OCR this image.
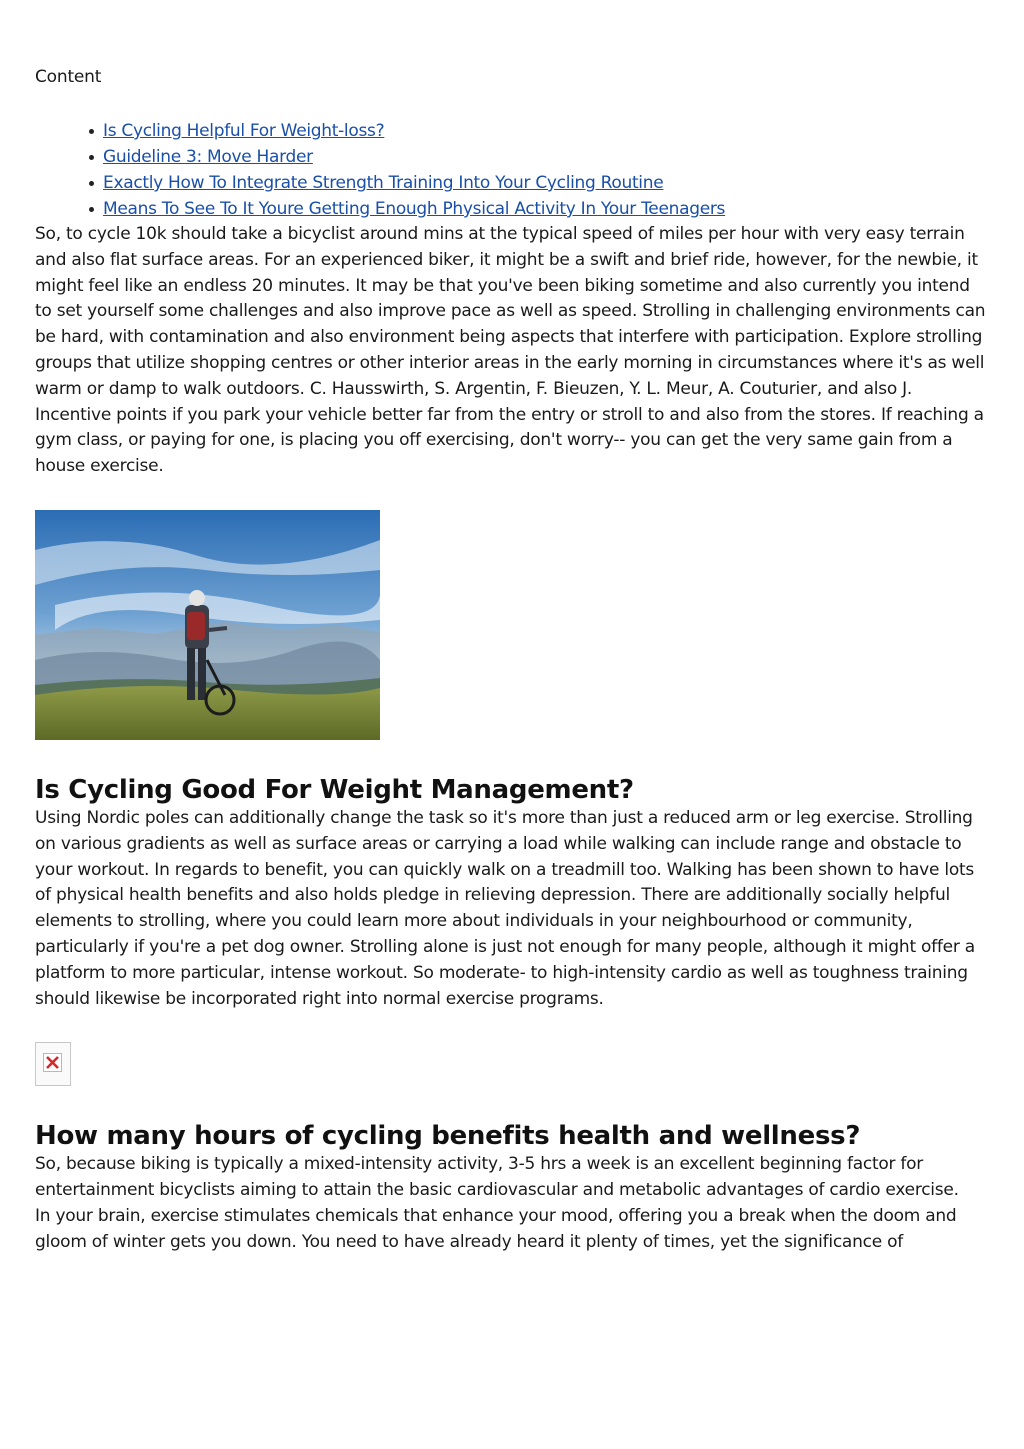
Content

Is Cycling Helpful For Weight-loss?
Guideline 3: Move Harder
Exactly How To Integrate Strength Training Into Your Cycling Routine
Means To See To It Youre Getting Enough Physical Activity In Your Teenagers

So, to cycle 10k should take a bicyclist around mins at the typical speed of miles per hour with very easy terrain and also flat surface areas. For an experienced biker, it might be a swift and brief ride, however, for the newbie, it might feel like an endless 20 minutes. It may be that you've been biking sometime and also currently you intend to set yourself some challenges and also improve pace as well as speed. Strolling in challenging environments can be hard, with contamination and also environment being aspects that interfere with participation. Explore strolling groups that utilize shopping centres or other interior areas in the early morning in circumstances where it's as well warm or damp to walk outdoors. C. Hausswirth, S. Argentin, F. Bieuzen, Y. L. Meur, A. Couturier, and also J.

Incentive points if you park your vehicle better far from the entry or stroll to and also from the stores. If reaching a gym class, or paying for one, is placing you off exercising, don't worry-- you can get the very same gain from a house exercise.

Is Cycling Good For Weight Management?

Using Nordic poles can additionally change the task so it's more than just a reduced arm or leg exercise. Strolling on various gradients as well as surface areas or carrying a load while walking can include range and obstacle to your workout. In regards to benefit, you can quickly walk on a treadmill too. Walking has been shown to have lots of physical health benefits and also holds pledge in relieving depression. There are additionally socially helpful elements to strolling, where you could learn more about individuals in your neighbourhood or community, particularly if you're a pet dog owner. Strolling alone is just not enough for many people, although it might offer a platform to more particular, intense workout. So moderate- to high-intensity cardio as well as toughness training should likewise be incorporated right into normal exercise programs.

How many hours of cycling benefits health and wellness?

So, because biking is typically a mixed-intensity activity, 3-5 hrs a week is an excellent beginning factor for entertainment bicyclists aiming to attain the basic cardiovascular and metabolic advantages of cardio exercise.

In your brain, exercise stimulates chemicals that enhance your mood, offering you a break when the doom and gloom of winter gets you down. You need to have already heard it plenty of times, yet the significance of
